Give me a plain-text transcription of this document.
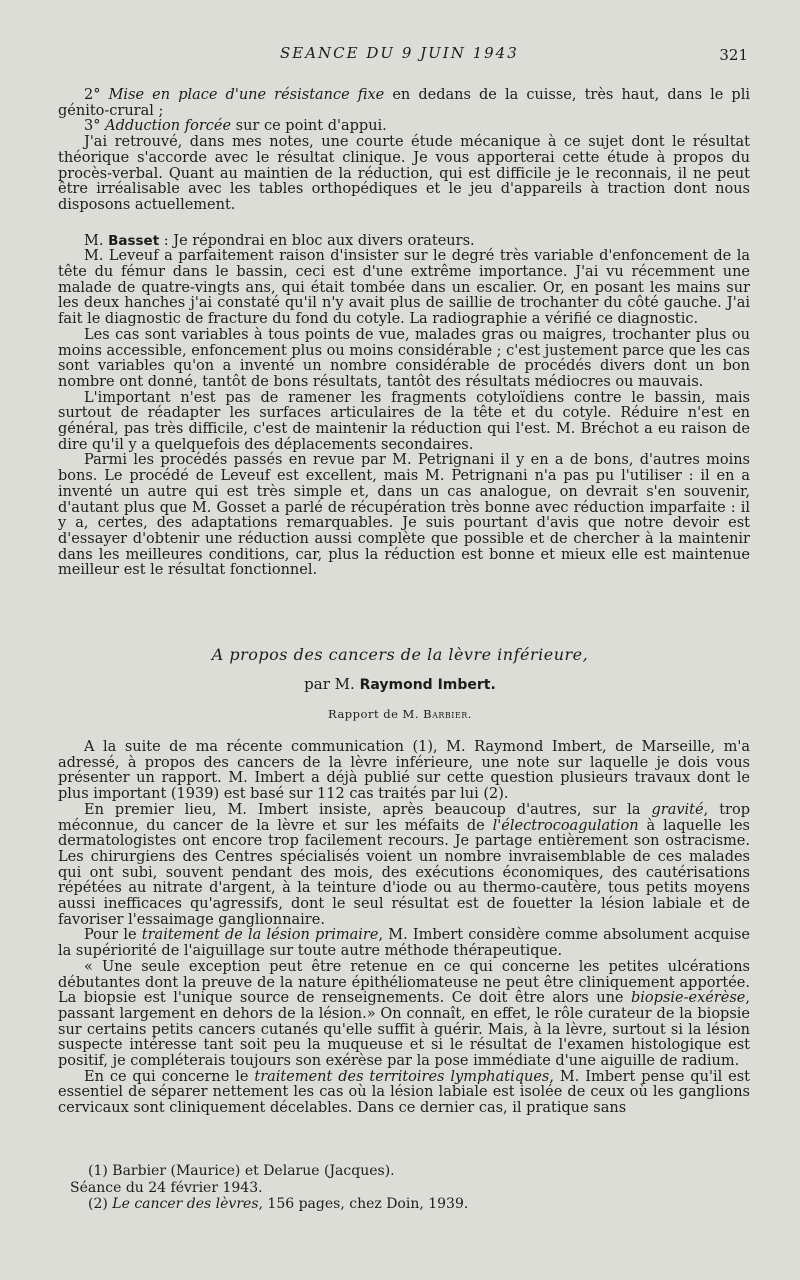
SEANCE DU 9 JUIN 1943	321

2° Mise en place d'une résistance fixe en dedans de la cuisse, très haut, dans le pli génito-crural ;

3° Adduction forcée sur ce point d'appui.

J'ai retrouvé, dans mes notes, une courte étude mécanique à ce sujet dont le résultat théorique s'accorde avec le résultat clinique. Je vous apporterai cette étude à propos du procès-verbal. Quant au maintien de la réduction, qui est difficile je le reconnais, il ne peut être irréalisable avec les tables orthopédiques et le jeu d'appareils à traction dont nous disposons actuellement.

M. Basset : Je répondrai en bloc aux divers orateurs.

M. Leveuf a parfaitement raison d'insister sur le degré très variable d'enfoncement de la tête du fémur dans le bassin, ceci est d'une extrême importance. J'ai vu récemment une malade de quatre-vingts ans, qui était tombée dans un escalier. Or, en posant les mains sur les deux hanches j'ai constaté qu'il n'y avait plus de saillie de trochanter du côté gauche. J'ai fait le diagnostic de fracture du fond du cotyle. La radiographie a vérifié ce diagnostic.

Les cas sont variables à tous points de vue, malades gras ou maigres, trochanter plus ou moins accessible, enfoncement plus ou moins considérable ; c'est justement parce que les cas sont variables qu'on a inventé un nombre considérable de procédés divers dont un bon nombre ont donné, tantôt de bons résultats, tantôt des résultats médiocres ou mauvais.

L'important n'est pas de ramener les fragments cotyloïdiens contre le bassin, mais surtout de réadapter les surfaces articulaires de la tête et du cotyle. Réduire n'est en général, pas très difficile, c'est de maintenir la réduction qui l'est. M. Bréchot a eu raison de dire qu'il y a quelquefois des déplacements secondaires.

Parmi les procédés passés en revue par M. Petrignani il y en a de bons, d'autres moins bons. Le procédé de Leveuf est excellent, mais M. Petrignani n'a pas pu l'utiliser : il en a inventé un autre qui est très simple et, dans un cas analogue, on devrait s'en souvenir, d'autant plus que M. Gosset a parlé de récupération très bonne avec réduction imparfaite : il y a, certes, des adaptations remarquables. Je suis pourtant d'avis que notre devoir est d'essayer d'obtenir une réduction aussi complète que possible et de chercher à la maintenir dans les meilleures conditions, car, plus la réduction est bonne et mieux elle est maintenue meilleur est le résultat fonctionnel.

A propos des cancers de la lèvre inférieure,
par M. Raymond Imbert.
Rapport de M. Barbier.

A la suite de ma récente communication (1), M. Raymond Imbert, de Marseille, m'a adressé, à propos des cancers de la lèvre inférieure, une note sur laquelle je dois vous présenter un rapport. M. Imbert a déjà publié sur cette question plusieurs travaux dont le plus important (1939) est basé sur 112 cas traités par lui (2).

En premier lieu, M. Imbert insiste, après beaucoup d'autres, sur la gravité, trop méconnue, du cancer de la lèvre et sur les méfaits de l'électrocoagulation à laquelle les dermatologistes ont encore trop facilement recours. Je partage entièrement son ostracisme. Les chirurgiens des Centres spécialisés voient un nombre invraisemblable de ces malades qui ont subi, souvent pendant des mois, des exécutions économiques, des cautérisations répétées au nitrate d'argent, à la teinture d'iode ou au thermo-cautère, tous petits moyens aussi inefficaces qu'agressifs, dont le seul résultat est de fouetter la lésion labiale et de favoriser l'essaimage ganglionnaire.

Pour le traitement de la lésion primaire, M. Imbert considère comme absolument acquise la supériorité de l'aiguillage sur toute autre méthode thérapeutique.

« Une seule exception peut être retenue en ce qui concerne les petites ulcérations débutantes dont la preuve de la nature épithéliomateuse ne peut être cliniquement apportée. La biopsie est l'unique source de renseignements. Ce doit être alors une biopsie-exérèse, passant largement en dehors de la lésion.» On connaît, en effet, le rôle curateur de la biopsie sur certains petits cancers cutanés qu'elle suffit à guérir. Mais, à la lèvre, surtout si la lésion suspecte intéresse tant soit peu la muqueuse et si le résultat de l'examen histologique est positif, je compléterais toujours son exérèse par la pose immédiate d'une aiguille de radium.

En ce qui concerne le traitement des territoires lymphatiques, M. Imbert pense qu'il est essentiel de séparer nettement les cas où la lésion labiale est isolée de ceux où les ganglions cervicaux sont cliniquement décelables. Dans ce dernier cas, il pratique sans

(1) Barbier (Maurice) et Delarue (Jacques).

Séance du 24 février 1943.

(2) Le cancer des lèvres, 156 pages, chez Doin, 1939.
